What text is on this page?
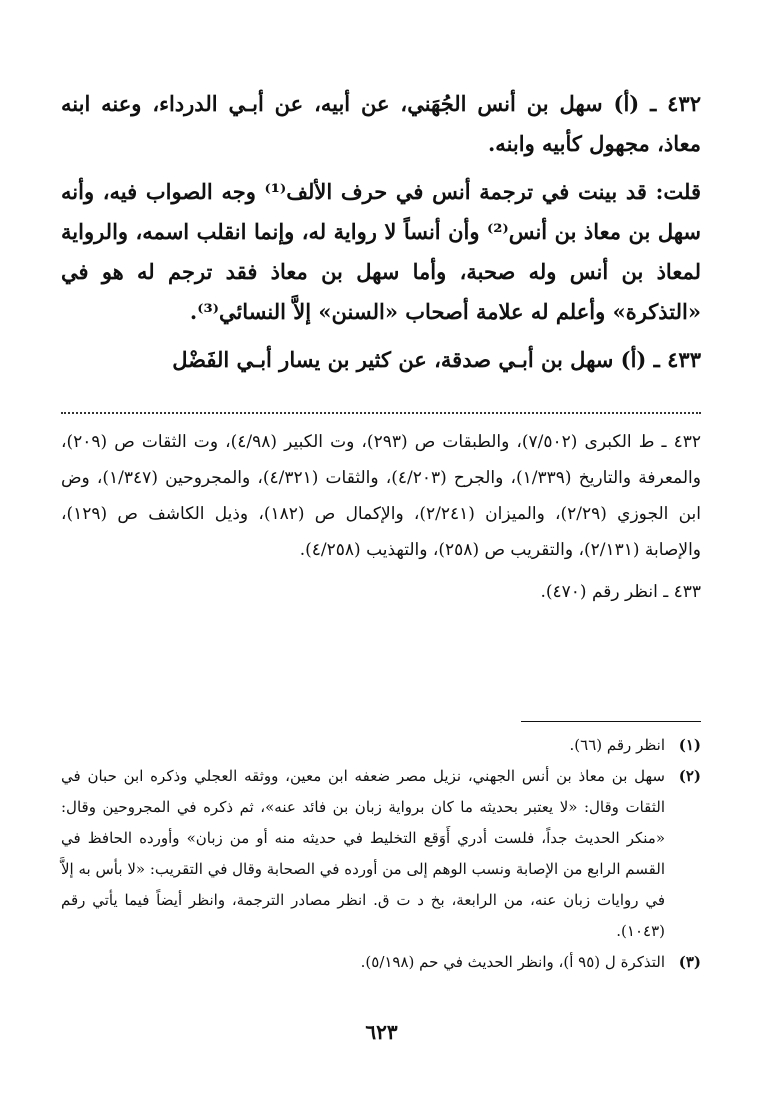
٤٣٢ ـ (أ) سهل بن أنس الجُهَني، عن أبيه، عن أبـي الدرداء، وعنه ابنه معاذ، مجهول كأبيه وابنه.

قلت: قد بينت في ترجمة أنس في حرف الألف⁽¹⁾ وجه الصواب فيه، وأنه سهل بن معاذ بن أنس⁽²⁾ وأن أنساً لا رواية له، وإنما انقلب اسمه، والرواية لمعاذ بن أنس وله صحبة، وأما سهل بن معاذ فقد ترجم له هو في «التذكرة» وأعلم له علامة أصحاب «السنن» إلاَّ النسائي⁽³⁾.

٤٣٣ ـ (أ) سهل بن أبـي صدقة، عن كثير بن يسار أبـي الفَضْل

٤٣٢ ـ ط الكبرى (٧/٥٠٢)، والطبقات ص (٢٩٣)، وت الكبير (٤/٩٨)، وت الثقات ص (٢٠٩)، والمعرفة والتاريخ (١/٣٣٩)، والجرح (٤/٢٠٣)، والثقات (٤/٣٢١)، والمجروحين (١/٣٤٧)، وض ابن الجوزي (٢/٢٩)، والميزان (٢/٢٤١)، والإكمال ص (١٨٢)، وذيل الكاشف ص (١٢٩)، والإصابة (٢/١٣١)، والتقريب ص (٢٥٨)، والتهذيب (٤/٢٥٨).

٤٣٣ ـ انظر رقم (٤٧٠).

(١)
انظر رقم (٦٦).
(٢)
سهل بن معاذ بن أنس الجهني، نزيل مصر ضعفه ابن معين، ووثقه العجلي وذكره ابن حبان في الثقات وقال: «لا يعتبر بحديثه ما كان برواية زبان بن فائد عنه»، ثم ذكره في المجروحين وقال: «منكر الحديث جداً، فلست أدري أَوَقع التخليط في حديثه منه أو من زبان» وأورده الحافظ في القسم الرابع من الإصابة ونسب الوهم إلى من أورده في الصحابة وقال في التقريب: «لا بأس به إلاَّ في روايات زبان عنه، من الرابعة، بخ د ت ق. انظر مصادر الترجمة، وانظر أيضاً فيما يأتي رقم (١٠٤٣).
(٣)
التذكرة ل (٩٥ أ)، وانظر الحديث في حم (٥/١٩٨).
٦٢٣
